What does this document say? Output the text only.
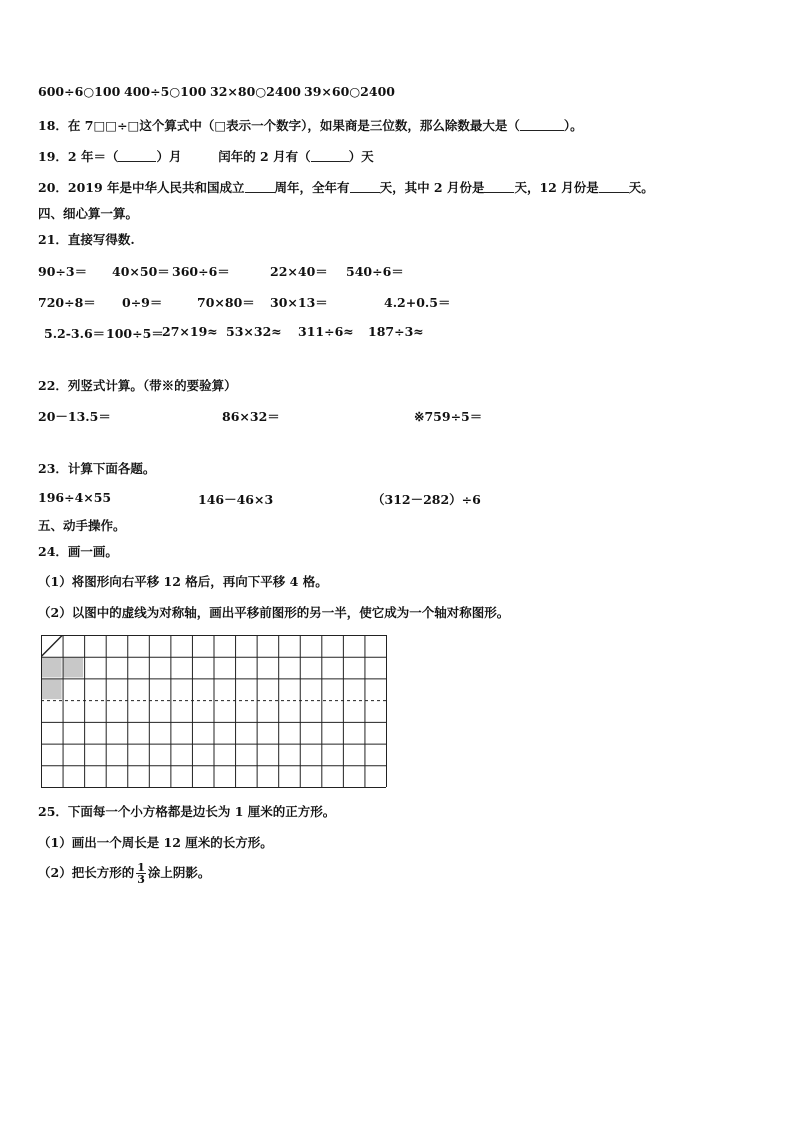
600÷6○100 400÷5○100 32×80○2400 39×60○2400
18．在 7□□÷□这个算式中（□表示一个数字），如果商是三位数，那么除数最大是（	）。
19．2 年＝（	）月	闰年的 2 月有（	）天
20．2019 年是中华人民共和国成立 周年，全年有 天，其中 2 月份是 天，12 月份是 天。
四、细心算一算。
21．直接写得数.
90÷3＝ 40×50＝ 360÷6＝	22×40＝ 540÷6＝
720÷8＝ 0÷9＝	70×80＝ 30×13＝	4.2+0.5＝
5.2-3.6＝ 100÷5＝
27×19≈ 53×32≈ 311÷6≈ 187÷3≈
22．列竖式计算。（带※的要验算）
20－13.5＝	86×32＝	※759÷5＝
23．计算下面各题。
196÷4×55	146－46×3	（312－282）÷6
五、动手操作。
24．画一画。
（1）将图形向右平移 12 格后，再向下平移 4 格。
（2）以图中的虚线为对称轴，画出平移前图形的另一半，使它成为一个轴对称图形。
25．下面每一个小方格都是边长为 1 厘米的正方形。
（1）画出一个周长是 12 厘米的长方形。
（2）把长方形的 $\frac{1}{3}$ 涂上阴影。
